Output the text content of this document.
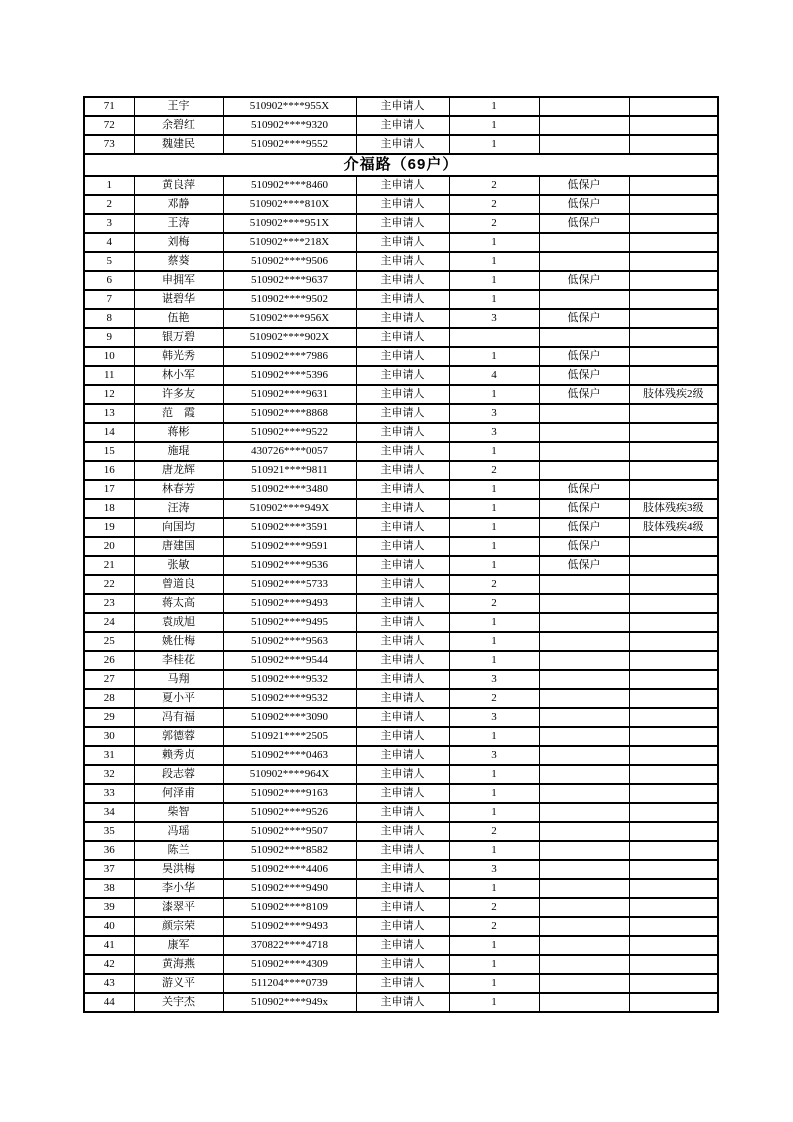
71	王宇	510902****955X	主申请人	1		
72	余碧红	510902****9320	主申请人	1		
73	魏建民	510902****9552	主申请人	1		
介福路（69户）						
1	黄良萍	510902****8460	主申请人	2	低保户	
2	邓静	510902****810X	主申请人	2	低保户	
3	王涛	510902****951X	主申请人	2	低保户	
4	刘梅	510902****218X	主申请人	1		
5	蔡葵	510902****9506	主申请人	1		
6	申拥军	510902****9637	主申请人	1	低保户	
7	谌碧华	510902****9502	主申请人	1		
8	伍艳	510902****956X	主申请人	3	低保户	
9	银万碧	510902****902X	主申请人			
10	韩光秀	510902****7986	主申请人	1	低保户	
11	林小军	510902****5396	主申请人	4	低保户	
12	许多友	510902****9631	主申请人	1	低保户	肢体残疾2级
13	范　霞	510902****8868	主申请人	3		
14	蒋彬	510902****9522	主申请人	3		
15	施琨	430726****0057	主申请人	1		
16	唐龙辉	510921****9811	主申请人	2		
17	林春芳	510902****3480	主申请人	1	低保户	
18	汪涛	510902****949X	主申请人	1	低保户	肢体残疾3级
19	向国均	510902****3591	主申请人	1	低保户	肢体残疾4级
20	唐建国	510902****9591	主申请人	1	低保户	
21	张敏	510902****9536	主申请人	1	低保户	
22	曾道良	510902****5733	主申请人	2		
23	蒋太高	510902****9493	主申请人	2		
24	袁成旭	510902****9495	主申请人	1		
25	姚仕梅	510902****9563	主申请人	1		
26	李桂花	510902****9544	主申请人	1		
27	马翔	510902****9532	主申请人	3		
28	夏小平	510902****9532	主申请人	2		
29	冯有福	510902****3090	主申请人	3		
30	郭德蓉	510921****2505	主申请人	1		
31	赖秀贞	510902****0463	主申请人	3		
32	段志蓉	510902****964X	主申请人	1		
33	何泽甫	510902****9163	主申请人	1		
34	柴智	510902****9526	主申请人	1		
35	冯瑶	510902****9507	主申请人	2		
36	陈兰	510902****8582	主申请人	1		
37	昊洪梅	510902****4406	主申请人	3		
38	李小华	510902****9490	主申请人	1		
39	漆翠平	510902****8109	主申请人	2		
40	颜宗荣	510902****9493	主申请人	2		
41	康军	370822****4718	主申请人	1		
42	黄海燕	510902****4309	主申请人	1		
43	游义平	511204****0739	主申请人	1		
44	关宇杰	510902****949x	主申请人	1		
